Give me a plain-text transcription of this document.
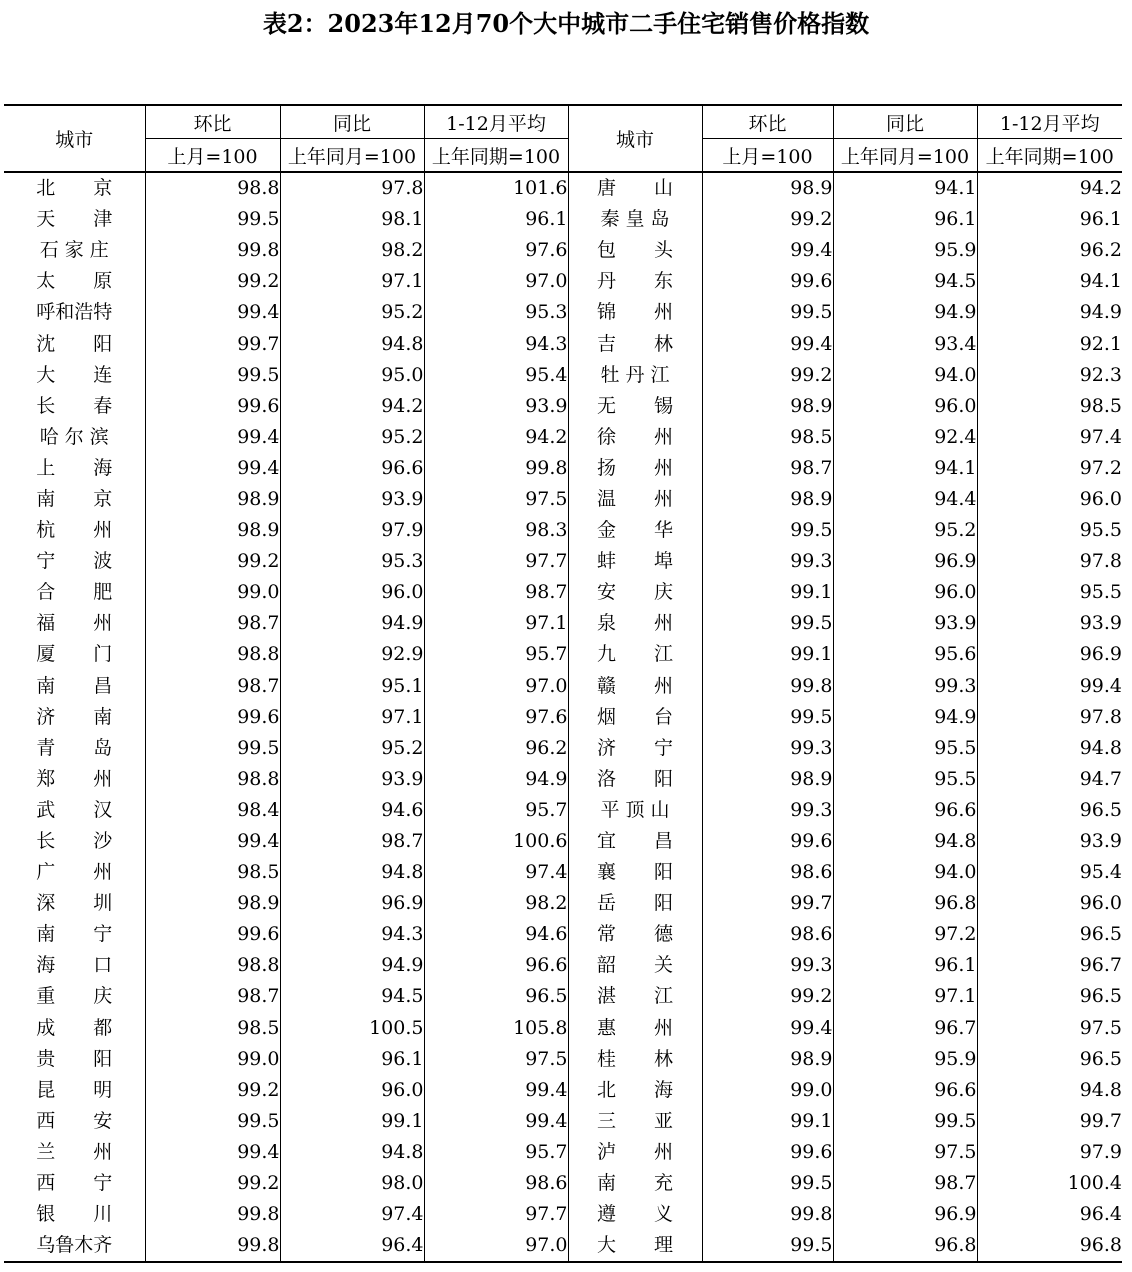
表2：2023年12月70个大中城市二手住宅销售价格指数
城市	环比	同比	1-12月平均	城市	环比	同比	1-12月平均
	上月=100	上年同月=100	上年同期=100		上月=100	上年同月=100	上年同期=100
北　　京	98.8	97.8	101.6	唐　　山	98.9	94.1	94.2
天　　津	99.5	98.1	96.1	秦 皇 岛	99.2	96.1	96.1
石 家 庄	99.8	98.2	97.6	包　　头	99.4	95.9	96.2
太　　原	99.2	97.1	97.0	丹　　东	99.6	94.5	94.1
呼和浩特	99.4	95.2	95.3	锦　　州	99.5	94.9	94.9
沈　　阳	99.7	94.8	94.3	吉　　林	99.4	93.4	92.1
大　　连	99.5	95.0	95.4	牡 丹 江	99.2	94.0	92.3
长　　春	99.6	94.2	93.9	无　　锡	98.9	96.0	98.5
哈 尔 滨	99.4	95.2	94.2	徐　　州	98.5	92.4	97.4
上　　海	99.4	96.6	99.8	扬　　州	98.7	94.1	97.2
南　　京	98.9	93.9	97.5	温　　州	98.9	94.4	96.0
杭　　州	98.9	97.9	98.3	金　　华	99.5	95.2	95.5
宁　　波	99.2	95.3	97.7	蚌　　埠	99.3	96.9	97.8
合　　肥	99.0	96.0	98.7	安　　庆	99.1	96.0	95.5
福　　州	98.7	94.9	97.1	泉　　州	99.5	93.9	93.9
厦　　门	98.8	92.9	95.7	九　　江	99.1	95.6	96.9
南　　昌	98.7	95.1	97.0	赣　　州	99.8	99.3	99.4
济　　南	99.6	97.1	97.6	烟　　台	99.5	94.9	97.8
青　　岛	99.5	95.2	96.2	济　　宁	99.3	95.5	94.8
郑　　州	98.8	93.9	94.9	洛　　阳	98.9	95.5	94.7
武　　汉	98.4	94.6	95.7	平 顶 山	99.3	96.6	96.5
长　　沙	99.4	98.7	100.6	宜　　昌	99.6	94.8	93.9
广　　州	98.5	94.8	97.4	襄　　阳	98.6	94.0	95.4
深　　圳	98.9	96.9	98.2	岳　　阳	99.7	96.8	96.0
南　　宁	99.6	94.3	94.6	常　　德	98.6	97.2	96.5
海　　口	98.8	94.9	96.6	韶　　关	99.3	96.1	96.7
重　　庆	98.7	94.5	96.5	湛　　江	99.2	97.1	96.5
成　　都	98.5	100.5	105.8	惠　　州	99.4	96.7	97.5
贵　　阳	99.0	96.1	97.5	桂　　林	98.9	95.9	96.5
昆　　明	99.2	96.0	99.4	北　　海	99.0	96.6	94.8
西　　安	99.5	99.1	99.4	三　　亚	99.1	99.5	99.7
兰　　州	99.4	94.8	95.7	泸　　州	99.6	97.5	97.9
西　　宁	99.2	98.0	98.6	南　　充	99.5	98.7	100.4
银　　川	99.8	97.4	97.7	遵　　义	99.8	96.9	96.4
乌鲁木齐	99.8	96.4	97.0	大　　理	99.5	96.8	96.8
